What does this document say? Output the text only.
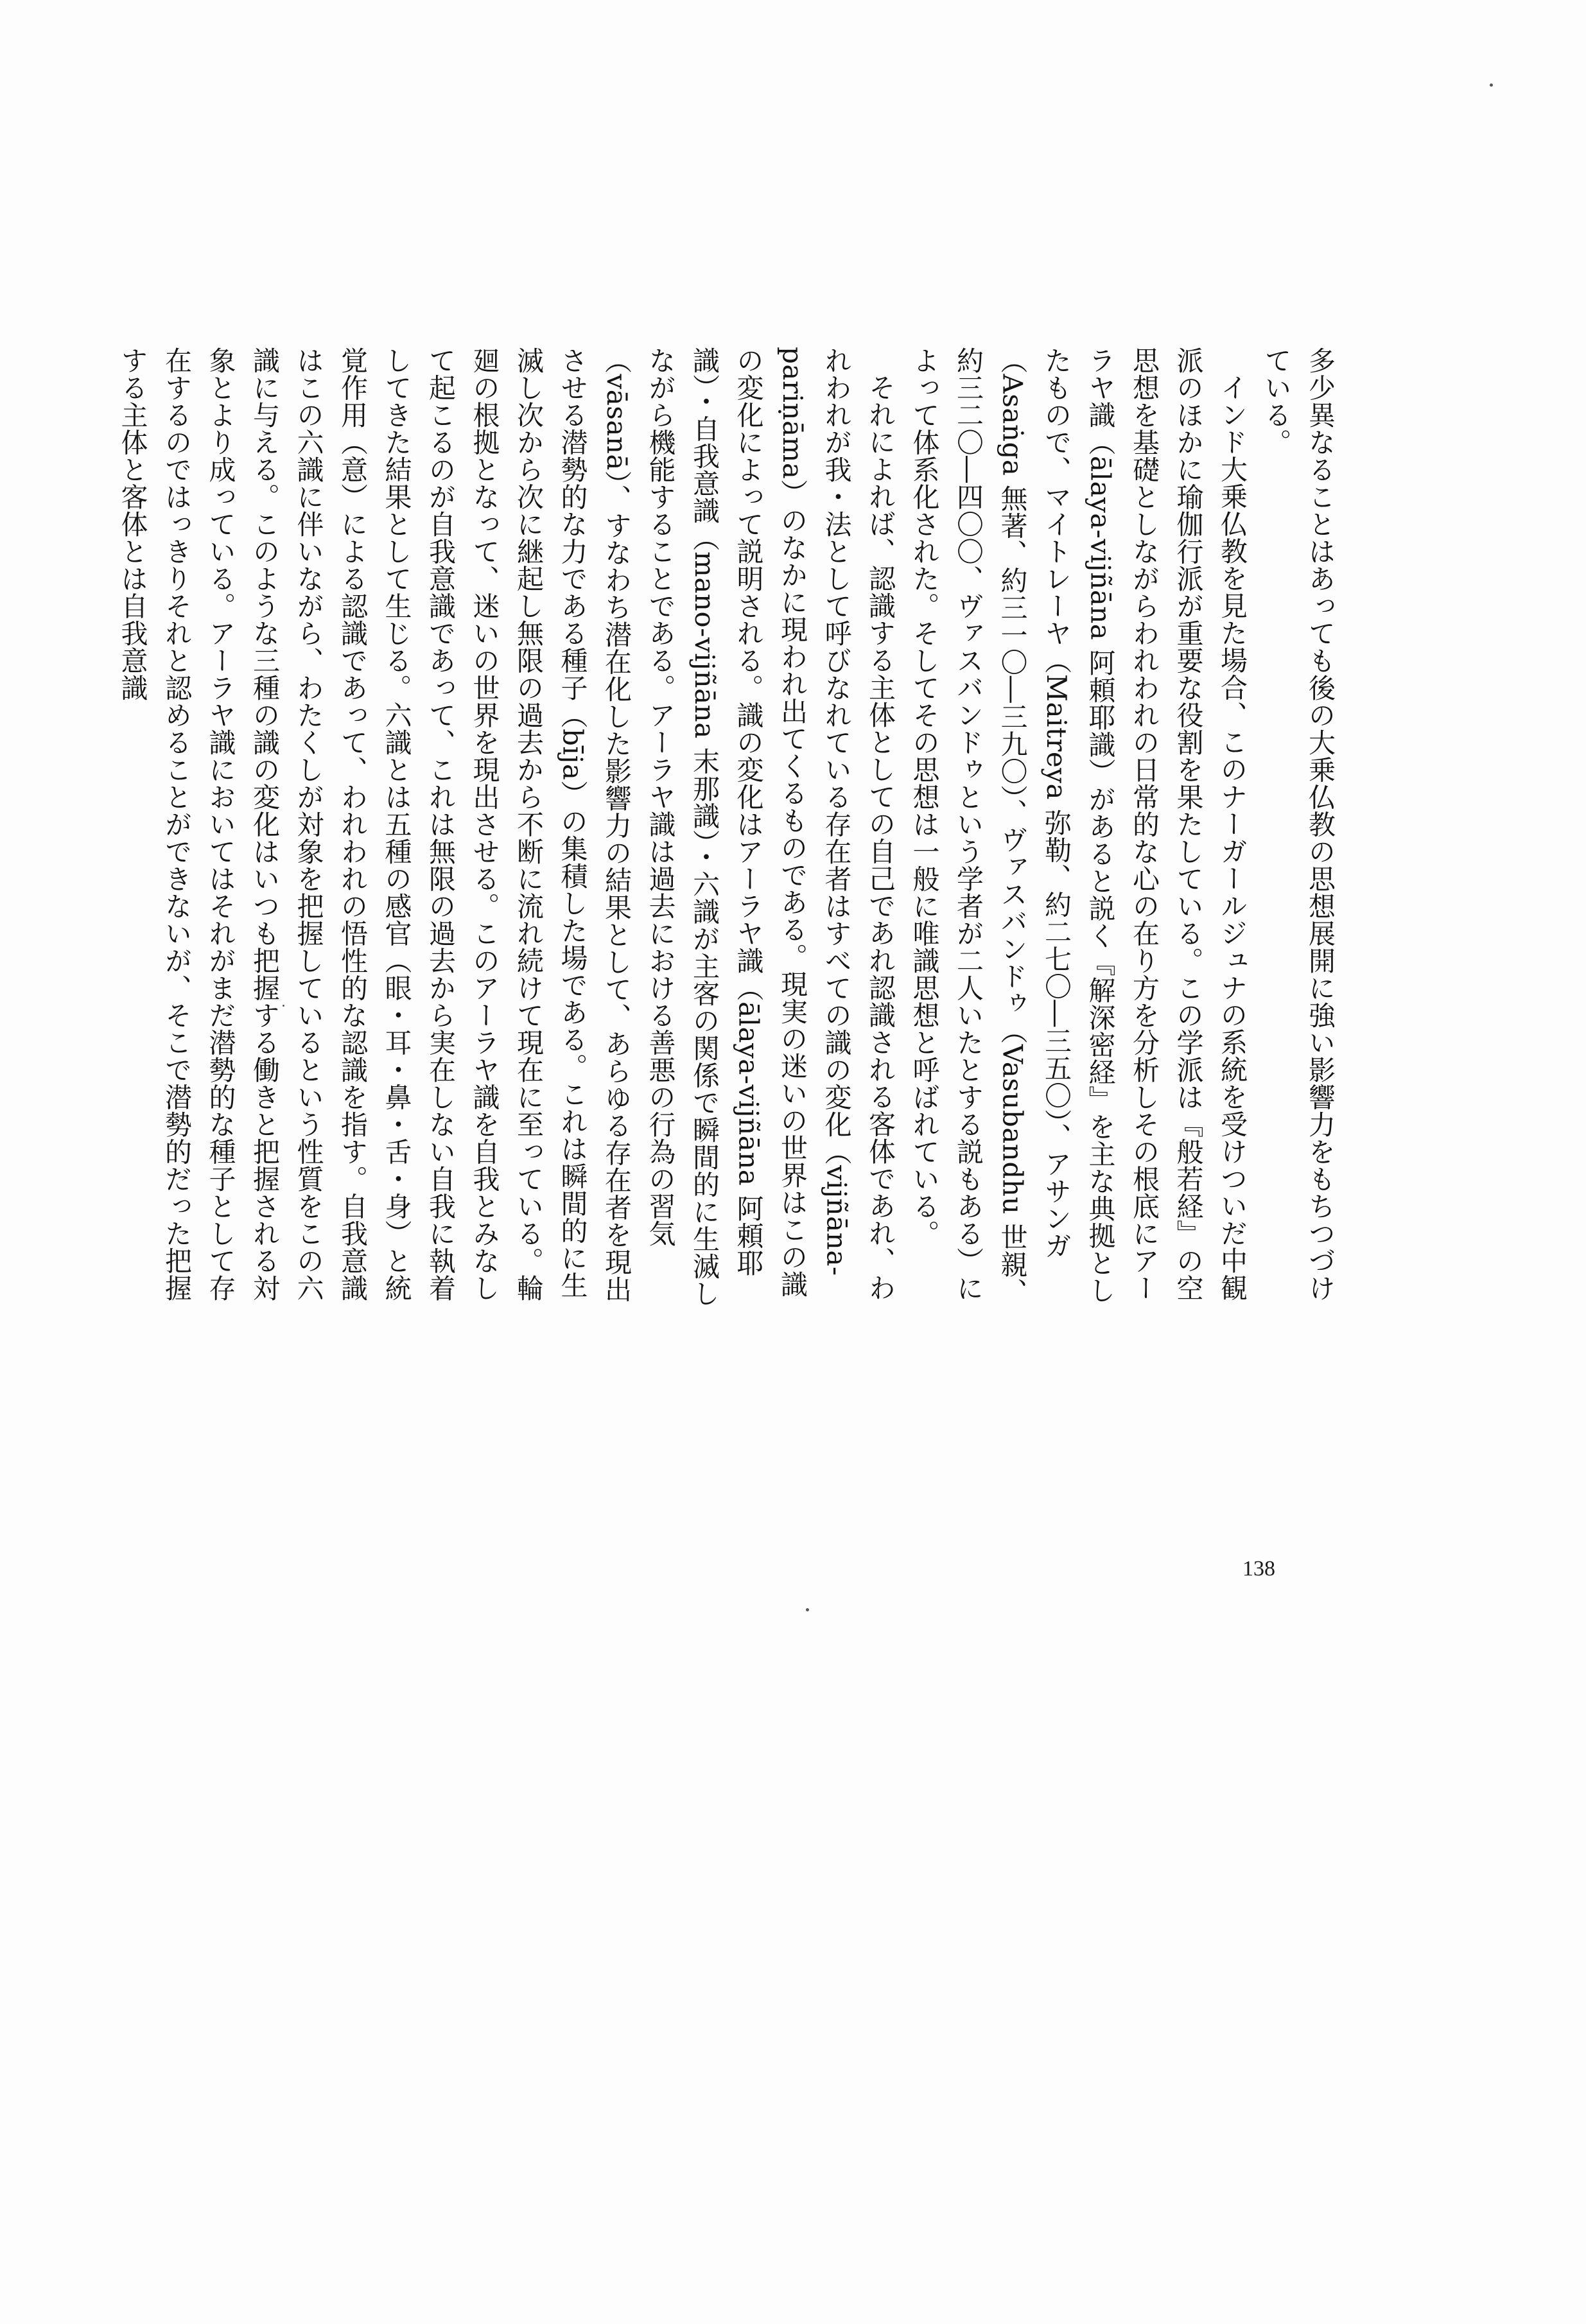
多少異なることはあっても後の大乗仏教の思想展開に強い影響力をもちつづけている。

インド大乗仏教を見た場合、このナーガールジュナの系統を受けついだ中観派のほかに瑜伽行派が重要な役割を果たしている。この学派は『般若経』の空思想を基礎としながらわれわれの日常的な心の在り方を分析しその根底にアーラヤ識（ālaya-vijñāna 阿頼耶識）があると説く『解深密経』を主な典拠としたもので、マイトレーヤ（Maitreya 弥勒、約二七〇―三五〇）、アサンガ（Asaṅga 無著、約三一〇―三九〇）、ヴァスバンドゥ（Vasubandhu 世親、約三二〇―四〇〇、ヴァスバンドゥという学者が二人いたとする説もある）によって体系化された。そしてその思想は一般に唯識思想と呼ばれている。

それによれば、認識する主体としての自己であれ認識される客体であれ、われわれが我・法として呼びなれている存在者はすべての識の変化（vijñāna-pariṇāma）のなかに現われ出てくるものである。現実の迷いの世界はこの識の変化によって説明される。識の変化はアーラヤ識（ālaya-vijñāna 阿頼耶識）・自我意識（mano-vijñāna 末那識）・六識が主客の関係で瞬間的に生滅しながら機能することである。アーラヤ識は過去における善悪の行為の習気（vāsanā）、すなわち潜在化した影響力の結果として、あらゆる存在者を現出させる潜勢的な力である種子（bīja）の集積した場である。これは瞬間的に生滅し次から次に継起し無限の過去から不断に流れ続けて現在に至っている。輪廻の根拠となって、迷いの世界を現出させる。このアーラヤ識を自我とみなして起こるのが自我意識であって、これは無限の過去から実在しない自我に執着してきた結果として生じる。六識とは五種の感官（眼・耳・鼻・舌・身）と統覚作用（意）による認識であって、われわれの悟性的な認識を指す。自我意識はこの六識に伴いながら、わたくしが対象を把握しているという性質をこの六識に与える。このような三種の識の変化はいつも把握する働きと把握される対象とより成っている。アーラヤ識においてはそれがまだ潜勢的な種子として存在するのではっきりそれと認めることができないが、そこで潜勢的だった把握する主体と客体とは自我意識

138
